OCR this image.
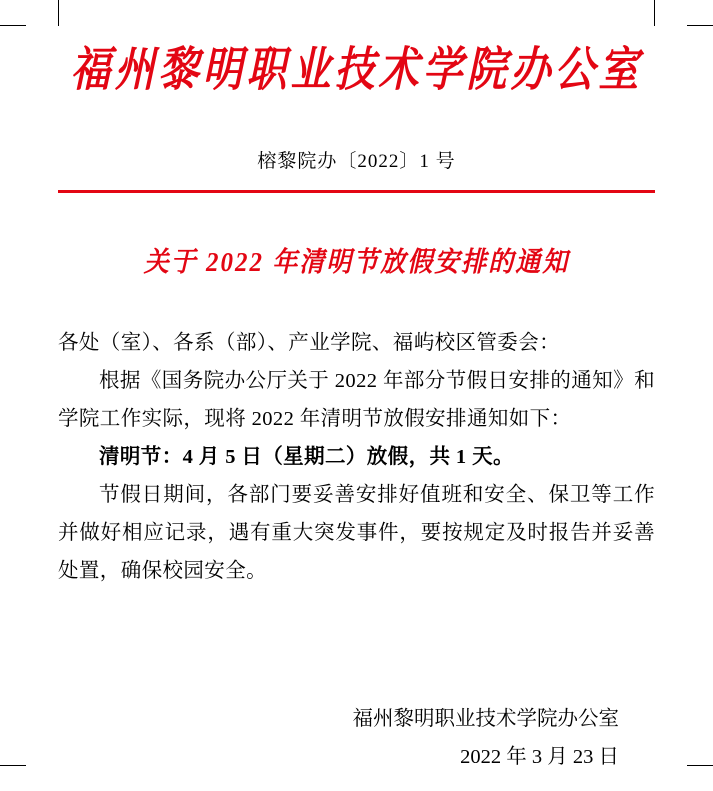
福州黎明职业技术学院办公室
榕黎院办〔2022〕1 号
关于 2022 年清明节放假安排的通知

各处（室）、各系（部）、产业学院、福屿校区管委会：

根据《国务院办公厅关于 2022 年部分节假日安排的通知》和学院工作实际，现将 2022 年清明节放假安排通知如下：

清明节：4 月 5 日（星期二）放假，共 1 天。

节假日期间，各部门要妥善安排好值班和安全、保卫等工作并做好相应记录，遇有重大突发事件，要按规定及时报告并妥善处置，确保校园安全。

福州黎明职业技术学院办公室
2022 年 3 月 23 日
